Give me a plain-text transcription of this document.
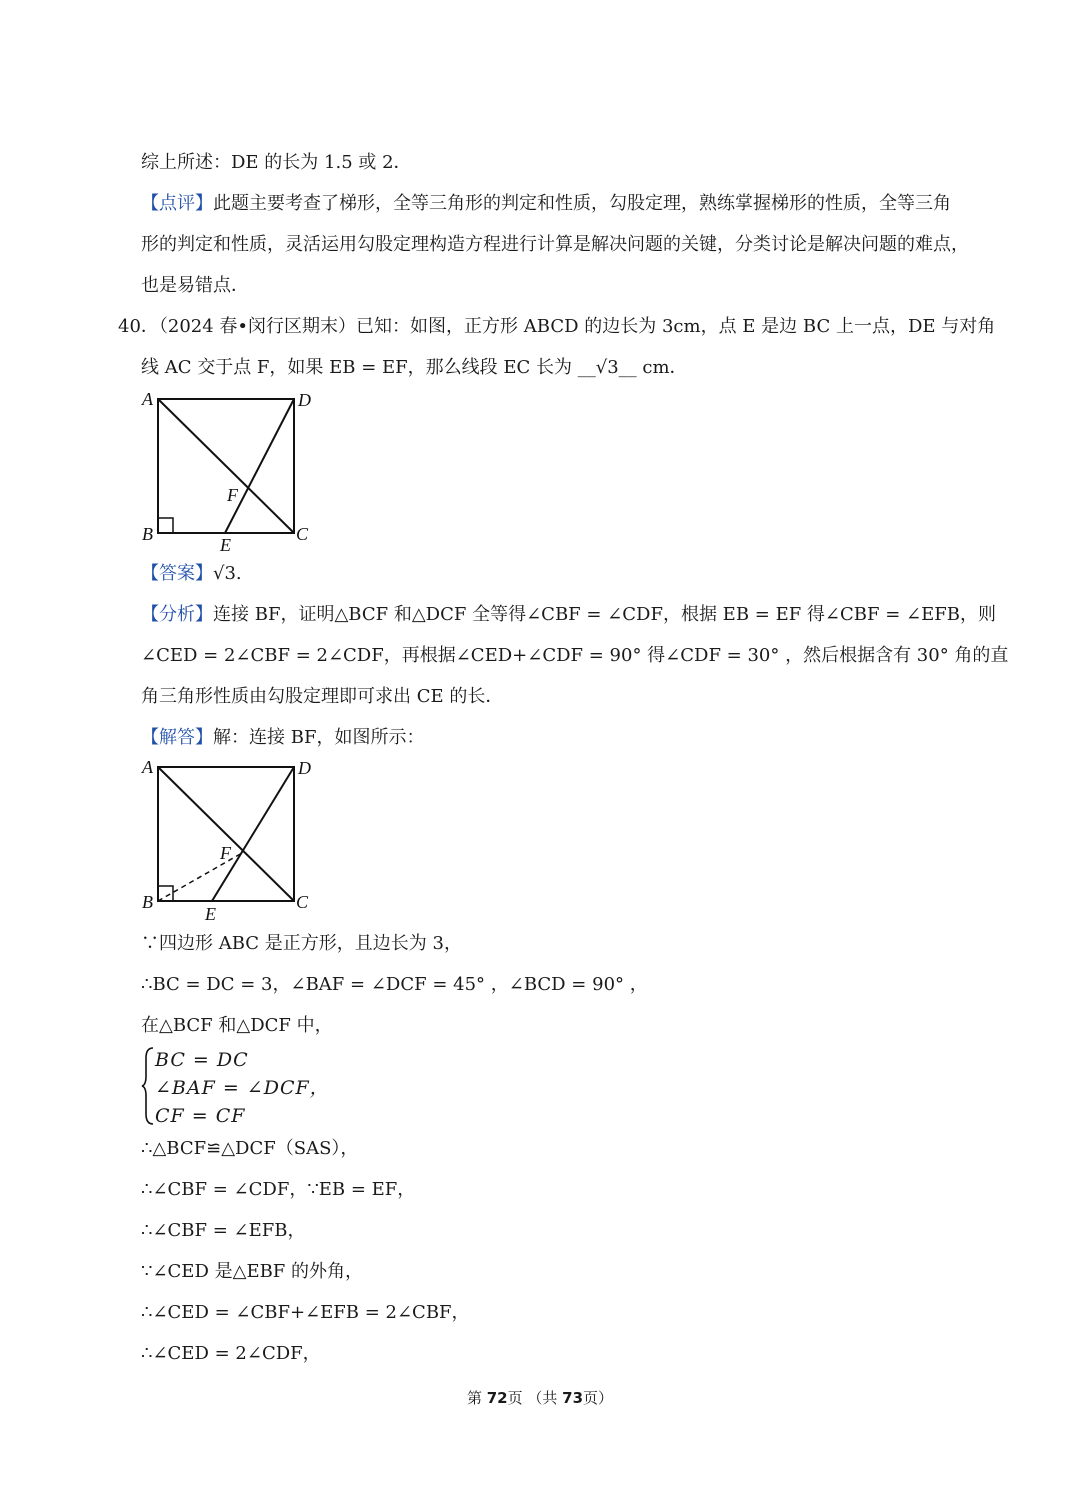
综上所述：DE 的长为 1.5 或 2．
【点评】此题主要考查了梯形，全等三角形的判定和性质，勾股定理，熟练掌握梯形的性质，全等三角
形的判定和性质，灵活运用勾股定理构造方程进行计算是解决问题的关键，分类讨论是解决问题的难点，
也是易错点．
40．（2024 春•闵行区期末）已知：如图，正方形 ABCD 的边长为 3cm，点 E 是边 BC 上一点，DE 与对角
线 AC 交于点 F，如果 EB = EF，那么线段 EC 长为 __√3__ cm．
A	D
B	C
E
F
【答案】√3.
【分析】连接 BF，证明△BCF 和△DCF 全等得∠CBF = ∠CDF，根据 EB = EF 得∠CBF = ∠EFB，则
∠CED = 2∠CBF = 2∠CDF，再根据∠CED+∠CDF = 90° 得∠CDF = 30° ，然后根据含有 30° 角的直
角三角形性质由勾股定理即可求出 CE 的长．
【解答】解：连接 BF，如图所示：
A	D
B	C
E
F
∵四边形 ABC 是正方形，且边长为 3，
∴BC = DC = 3，∠BAF = ∠DCF = 45° ，∠BCD = 90° ，
在△BCF 和△DCF 中，
BC = DC
∠BAF = ∠DCF，
CF = CF
∴△BCF≌△DCF（SAS），
∴∠CBF = ∠CDF，∵EB = EF，
∴∠CBF = ∠EFB，
∵∠CED 是△EBF 的外角，
∴∠CED = ∠CBF+∠EFB = 2∠CBF，
∴∠CED = 2∠CDF，
第 72页 （共 73页）
